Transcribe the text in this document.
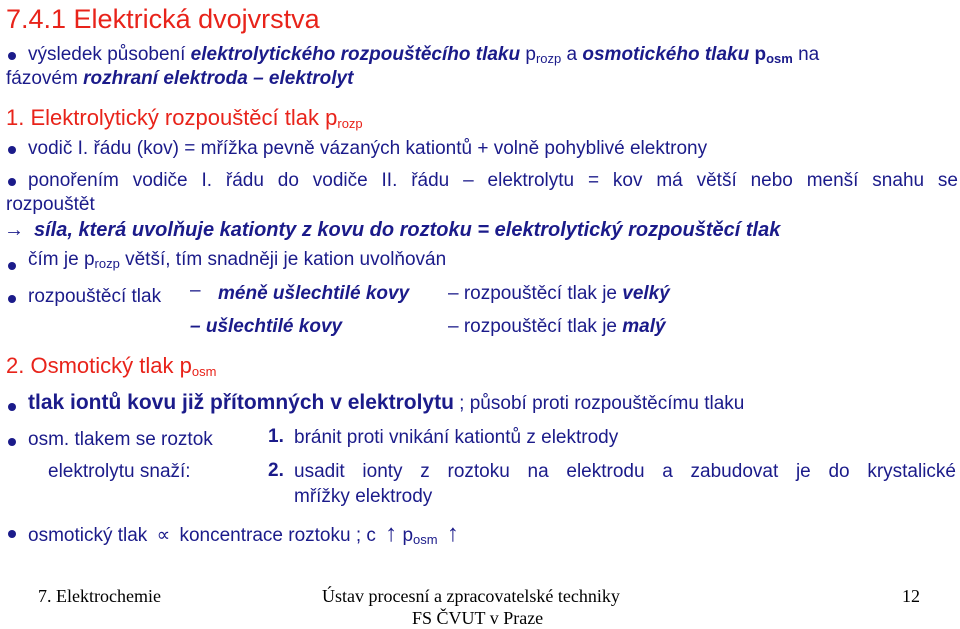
7.4.1 Elektrická dvojvrstva
výsledek působení elektrolytického rozpouštěcího tlaku $p_{rozp}$ a osmotického tlaku $p_{osm}$ na
fázovém rozhraní elektroda – elektrolyt
1. Elektrolytický rozpouštěcí tlak $p_{rozp}$
vodič I. řádu (kov) = mřížka pevně vázaných kationtů + volně pohyblivé elektrony
ponořením vodiče I. řádu do vodiče II. řádu – elektrolytu = kov má větší nebo menší snahu se
rozpouštět
→ síla, která uvolňuje kationty z kovu do roztoku = elektrolytický rozpouštěcí tlak
čím je $p_{rozp}$ větší, tím snadněji je kation uvolňován
rozpouštěcí tlak – méně ušlechtilé kovy – rozpouštěcí tlak je velký
– ušlechtilé kovy	– rozpouštěcí tlak je malý
2. Osmotický tlak $p_{osm}$
tlak iontů kovu již přítomných v elektrolytu ; působí proti rozpouštěcímu tlaku
osm. tlakem se roztok
elektrolytu snaží:
1. bránit proti vnikání kationtů z elektrody
2. usadit ionty z roztoku na elektrodu a zabudovat je do krystalické
mřížky elektrody
osmotický tlak ∝ koncentrace roztoku ; c ↑ $p_{osm}$ ↑
7. Elektrochemie	Ústav procesní a zpracovatelské techniky
FS ČVUT v Praze
12
